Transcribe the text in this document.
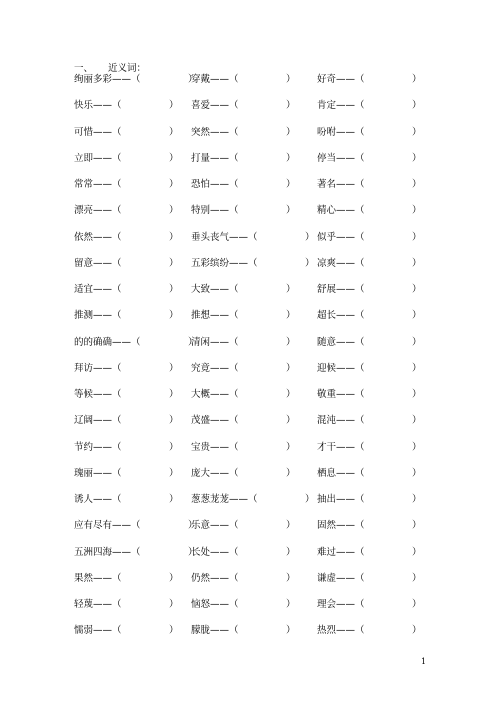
一、 近义词：
绚丽多彩——（　　　　　）
穿戴——（　　　　　） 好奇——（　　　　　）
快乐——（　　　　　） 喜爱——（　　　　　） 肯定——（　　　　　）
可惜——（　　　　　） 突然——（　　　　　） 吩咐——（　　　　　）
立即——（　　　　　） 打量——（　　　　　） 停当——（　　　　　）
常常——（　　　　　） 恐怕——（　　　　　） 著名——（　　　　　）
漂亮——（　　　　　） 特别——（　　　　　） 精心——（　　　　　）
依然——（　　　　　） 垂头丧气——（　　　　　） 似乎——（　　　　　）
留意——（　　　　　） 五彩缤纷——（　　　　　） 凉爽——（　　　　　）
适宜——（　　　　　） 大致——（　　　　　） 舒展——（　　　　　）
推测——（　　　　　） 推想——（　　　　　） 超长——（　　　　　）
的的确确——（　　　　　）
清闲——（　　　　　） 随意——（　　　　　）
拜访——（　　　　　） 究竟——（　　　　　） 迎候——（　　　　　）
等候——（　　　　　） 大概——（　　　　　） 敬重——（　　　　　）
辽阔——（　　　　　） 茂盛——（　　　　　） 混沌——（　　　　　）
节约——（　　　　　） 宝贵——（　　　　　） 才干——（　　　　　）
瑰丽——（　　　　　） 庞大——（　　　　　） 栖息——（　　　　　）
诱人——（　　　　　） 葱葱茏茏——（　　　　　） 抽出——（　　　　　）
应有尽有——（　　　　　）
乐意——（　　　　　） 固然——（　　　　　）
五洲四海——（　　　　　）
长处——（　　　　　） 难过——（　　　　　）
果然——（　　　　　） 仍然——（　　　　　） 谦虚——（　　　　　）
轻蔑——（　　　　　） 恼怒——（　　　　　） 理会——（　　　　　）
懦弱——（　　　　　） 朦胧——（　　　　　） 热烈——（　　　　　）
1
